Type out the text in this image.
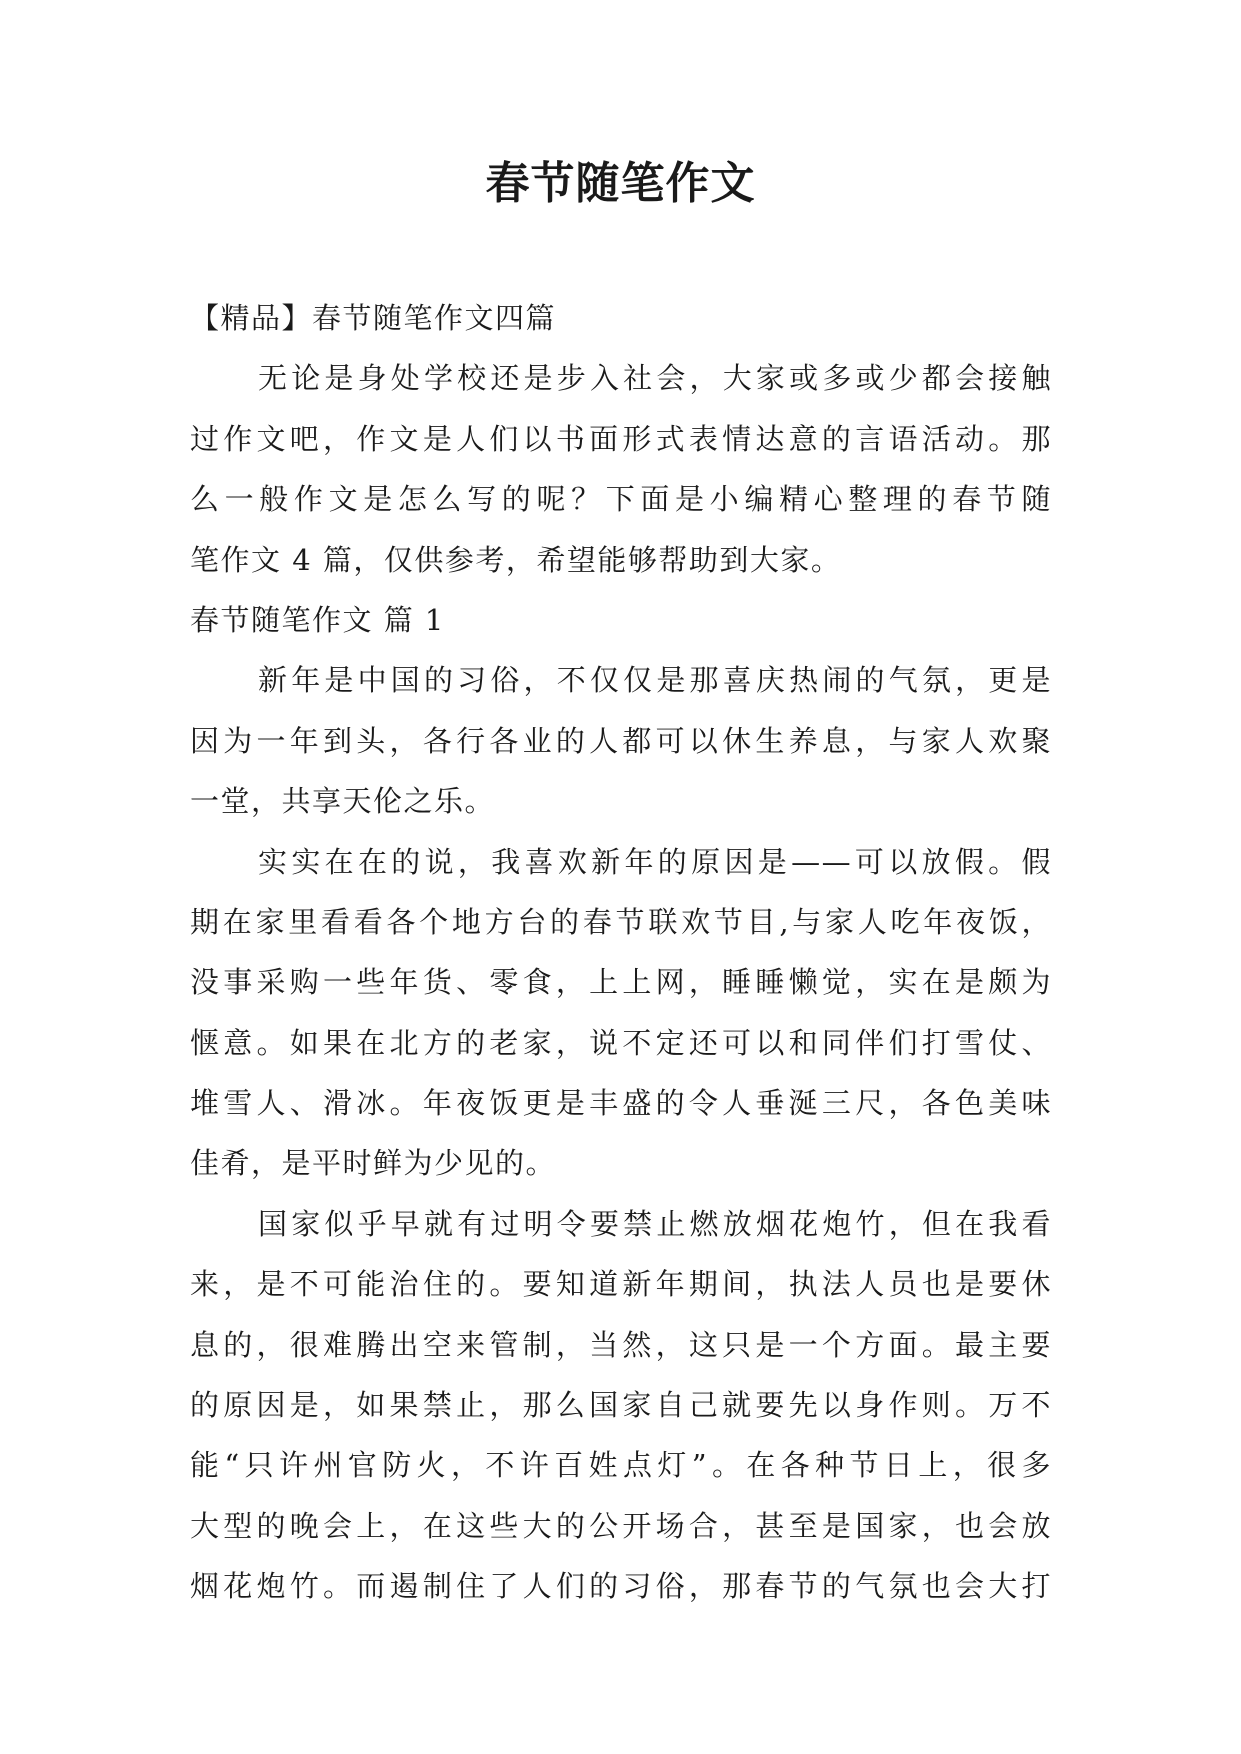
春节随笔作文

【精品】春节随笔作文四篇

无论是身处学校还是步入社会，大家或多或少都会接触

过作文吧，作文是人们以书面形式表情达意的言语活动。那

么一般作文是怎么写的呢？下面是小编精心整理的春节随

笔作文 4 篇，仅供参考，希望能够帮助到大家。

春节随笔作文 篇 1

新年是中国的习俗，不仅仅是那喜庆热闹的气氛，更是

因为一年到头，各行各业的人都可以休生养息，与家人欢聚

一堂，共享天伦之乐。

实实在在的说，我喜欢新年的原因是——可以放假。假

期在家里看看各个地方台的春节联欢节目,与家人吃年夜饭，

没事采购一些年货、零食，上上网，睡睡懒觉，实在是颇为

惬意。如果在北方的老家，说不定还可以和同伴们打雪仗、

堆雪人、滑冰。年夜饭更是丰盛的令人垂涎三尺，各色美味

佳肴，是平时鲜为少见的。

国家似乎早就有过明令要禁止燃放烟花炮竹，但在我看

来，是不可能治住的。要知道新年期间，执法人员也是要休

息的，很难腾出空来管制，当然，这只是一个方面。最主要

的原因是，如果禁止，那么国家自己就要先以身作则。万不

能“只许州官防火，不许百姓点灯”。在各种节日上，很多

大型的晚会上，在这些大的公开场合，甚至是国家，也会放

烟花炮竹。而遏制住了人们的习俗，那春节的气氛也会大打
